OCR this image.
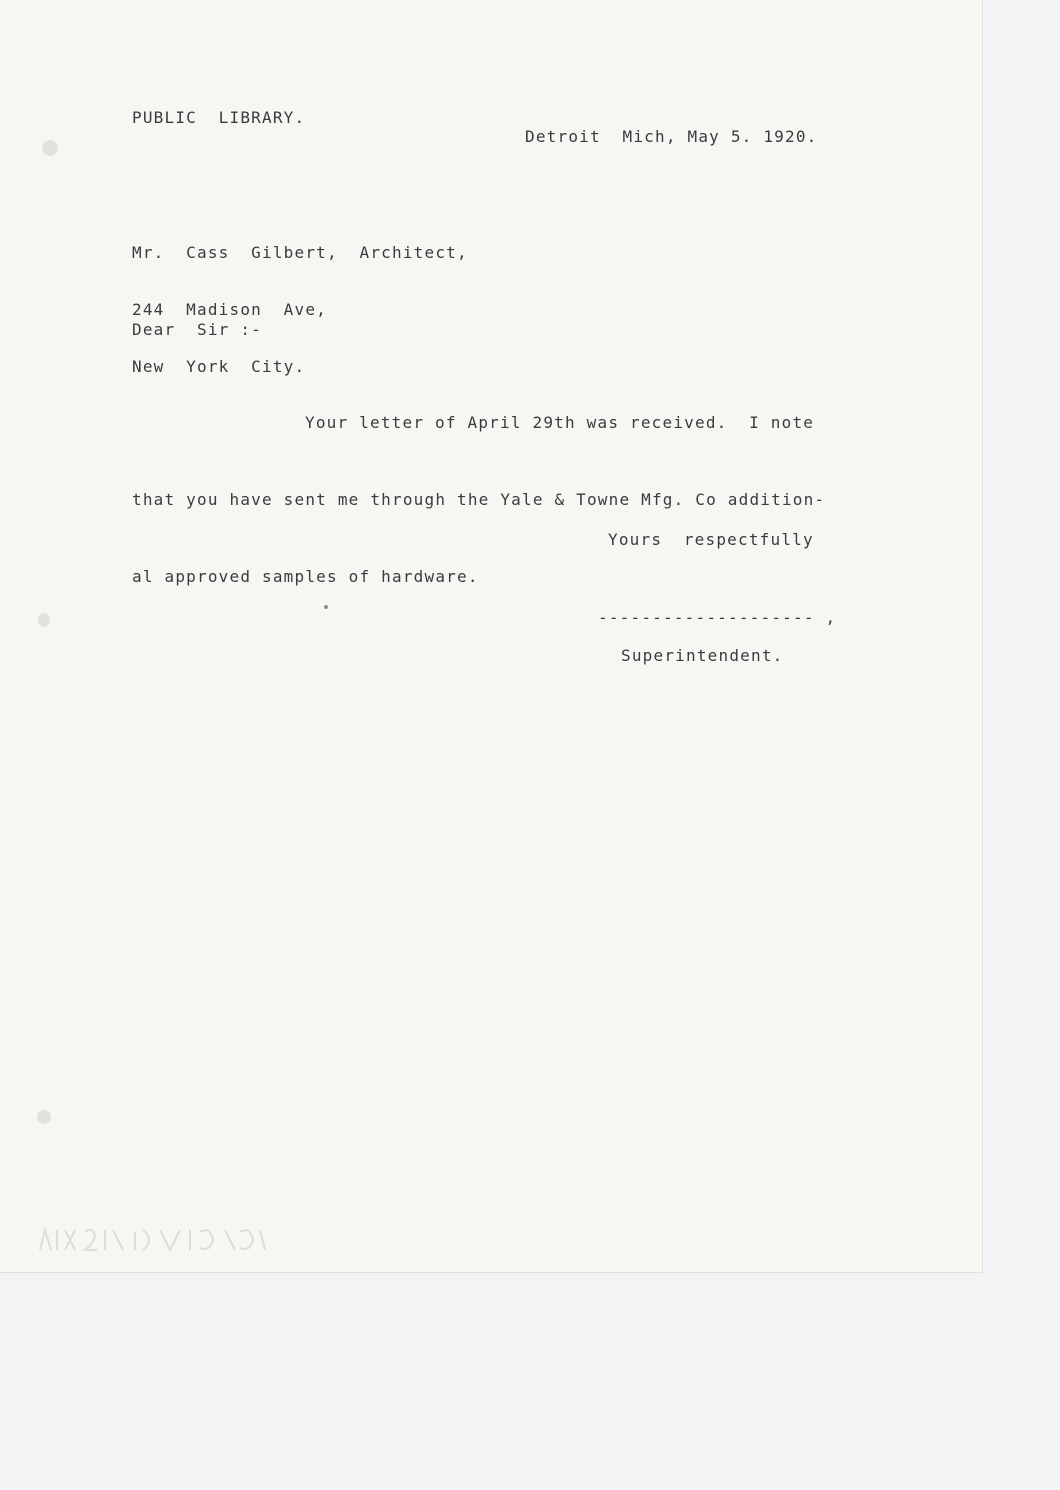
PUBLIC  LIBRARY.
Detroit  Mich, May 5. 1920.

Mr.  Cass  Gilbert,  Architect,

244  Madison  Ave,

New  York  City.

Dear  Sir :-

Your letter of April 29th was received.  I note

that you have sent me through the Yale & Towne Mfg. Co addition-

al approved samples of hardware.

Yours  respectfully
-------------------- ,
Superintendent.
